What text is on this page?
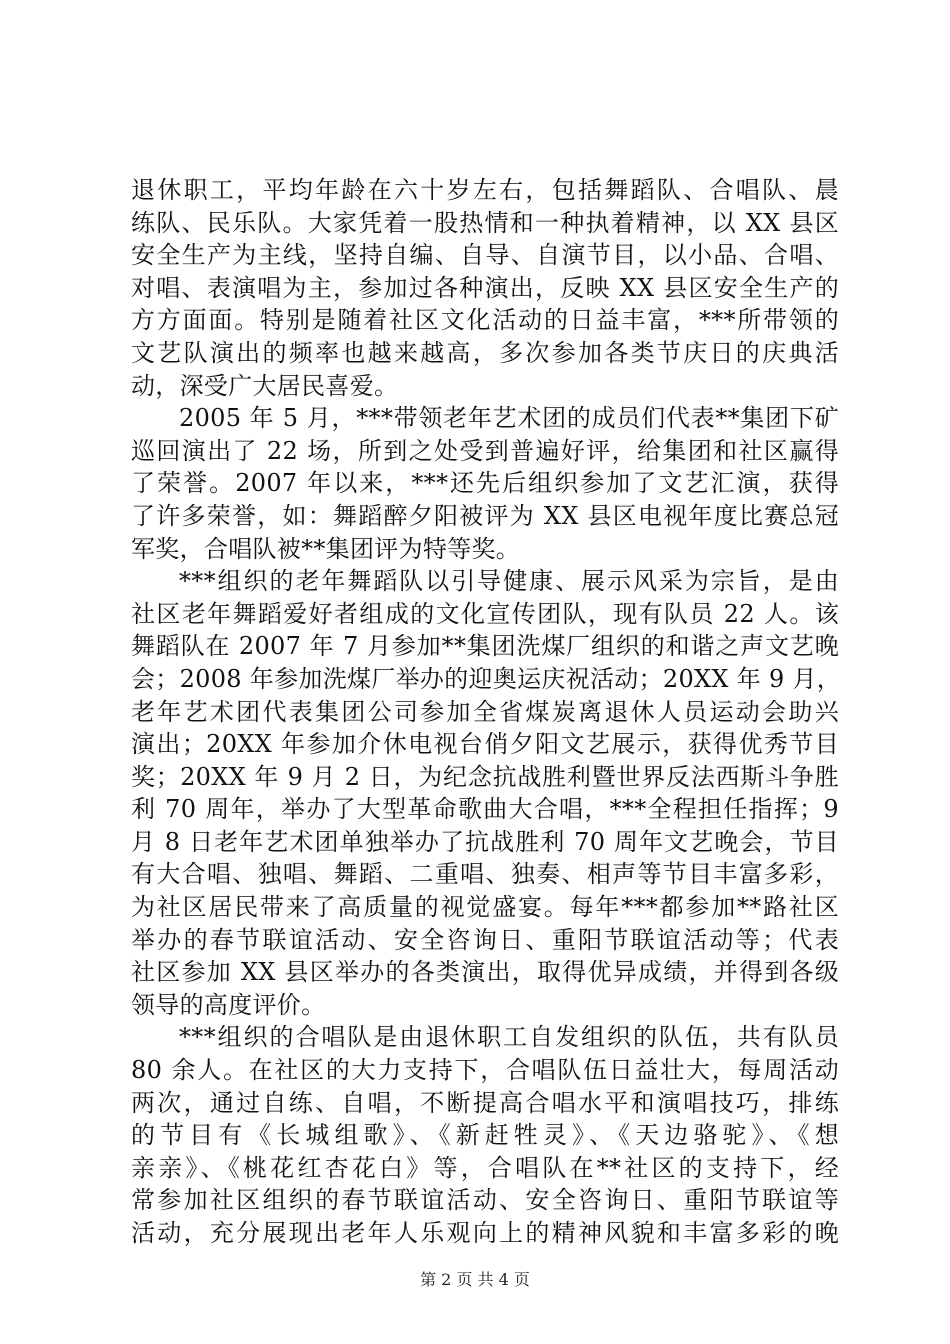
退休职工，平均年龄在六十岁左右，包括舞蹈队、合唱队、晨
练队、民乐队。大家凭着一股热情和一种执着精神，以 XX 县区
安全生产为主线，坚持自编、自导、自演节目，以小品、合唱、
对唱、表演唱为主，参加过各种演出，反映 XX 县区安全生产的
方方面面。特别是随着社区文化活动的日益丰富，***所带领的
文艺队演出的频率也越来越高，多次参加各类节庆日的庆典活
动，深受广大居民喜爱。
2005 年 5 月，***带领老年艺术团的成员们代表**集团下矿
巡回演出了 22 场，所到之处受到普遍好评，给集团和社区赢得
了荣誉。2007 年以来，***还先后组织参加了文艺汇演，获得
了许多荣誉，如：舞蹈醉夕阳被评为 XX 县区电视年度比赛总冠
军奖，合唱队被**集团评为特等奖。
***组织的老年舞蹈队以引导健康、展示风采为宗旨，是由
社区老年舞蹈爱好者组成的文化宣传团队，现有队员 22 人。该
舞蹈队在 2007 年 7 月参加**集团洗煤厂组织的和谐之声文艺晚
会；2008 年参加洗煤厂举办的迎奥运庆祝活动；20XX 年 9 月，
老年艺术团代表集团公司参加全省煤炭离退休人员运动会助兴
演出；20XX 年参加介休电视台俏夕阳文艺展示，获得优秀节目
奖；20XX 年 9 月 2 日，为纪念抗战胜利暨世界反法西斯斗争胜
利 70 周年，举办了大型革命歌曲大合唱，***全程担任指挥；9
月 8 日老年艺术团单独举办了抗战胜利 70 周年文艺晚会，节目
有大合唱、独唱、舞蹈、二重唱、独奏、相声等节目丰富多彩，
为社区居民带来了高质量的视觉盛宴。每年***都参加**路社区
举办的春节联谊活动、安全咨询日、重阳节联谊活动等；代表
社区参加 XX 县区举办的各类演出，取得优异成绩，并得到各级
领导的高度评价。
***组织的合唱队是由退休职工自发组织的队伍，共有队员
80 余人。在社区的大力支持下，合唱队伍日益壮大，每周活动
两次，通过自练、自唱，不断提高合唱水平和演唱技巧，排练
的节目有《长城组歌》、《新赶牲灵》、《天边骆驼》、《想
亲亲》、《桃花红杏花白》等，合唱队在**社区的支持下，经
常参加社区组织的春节联谊活动、安全咨询日、重阳节联谊等
活动，充分展现出老年人乐观向上的精神风貌和丰富多彩的晚
第 2 页 共 4 页
